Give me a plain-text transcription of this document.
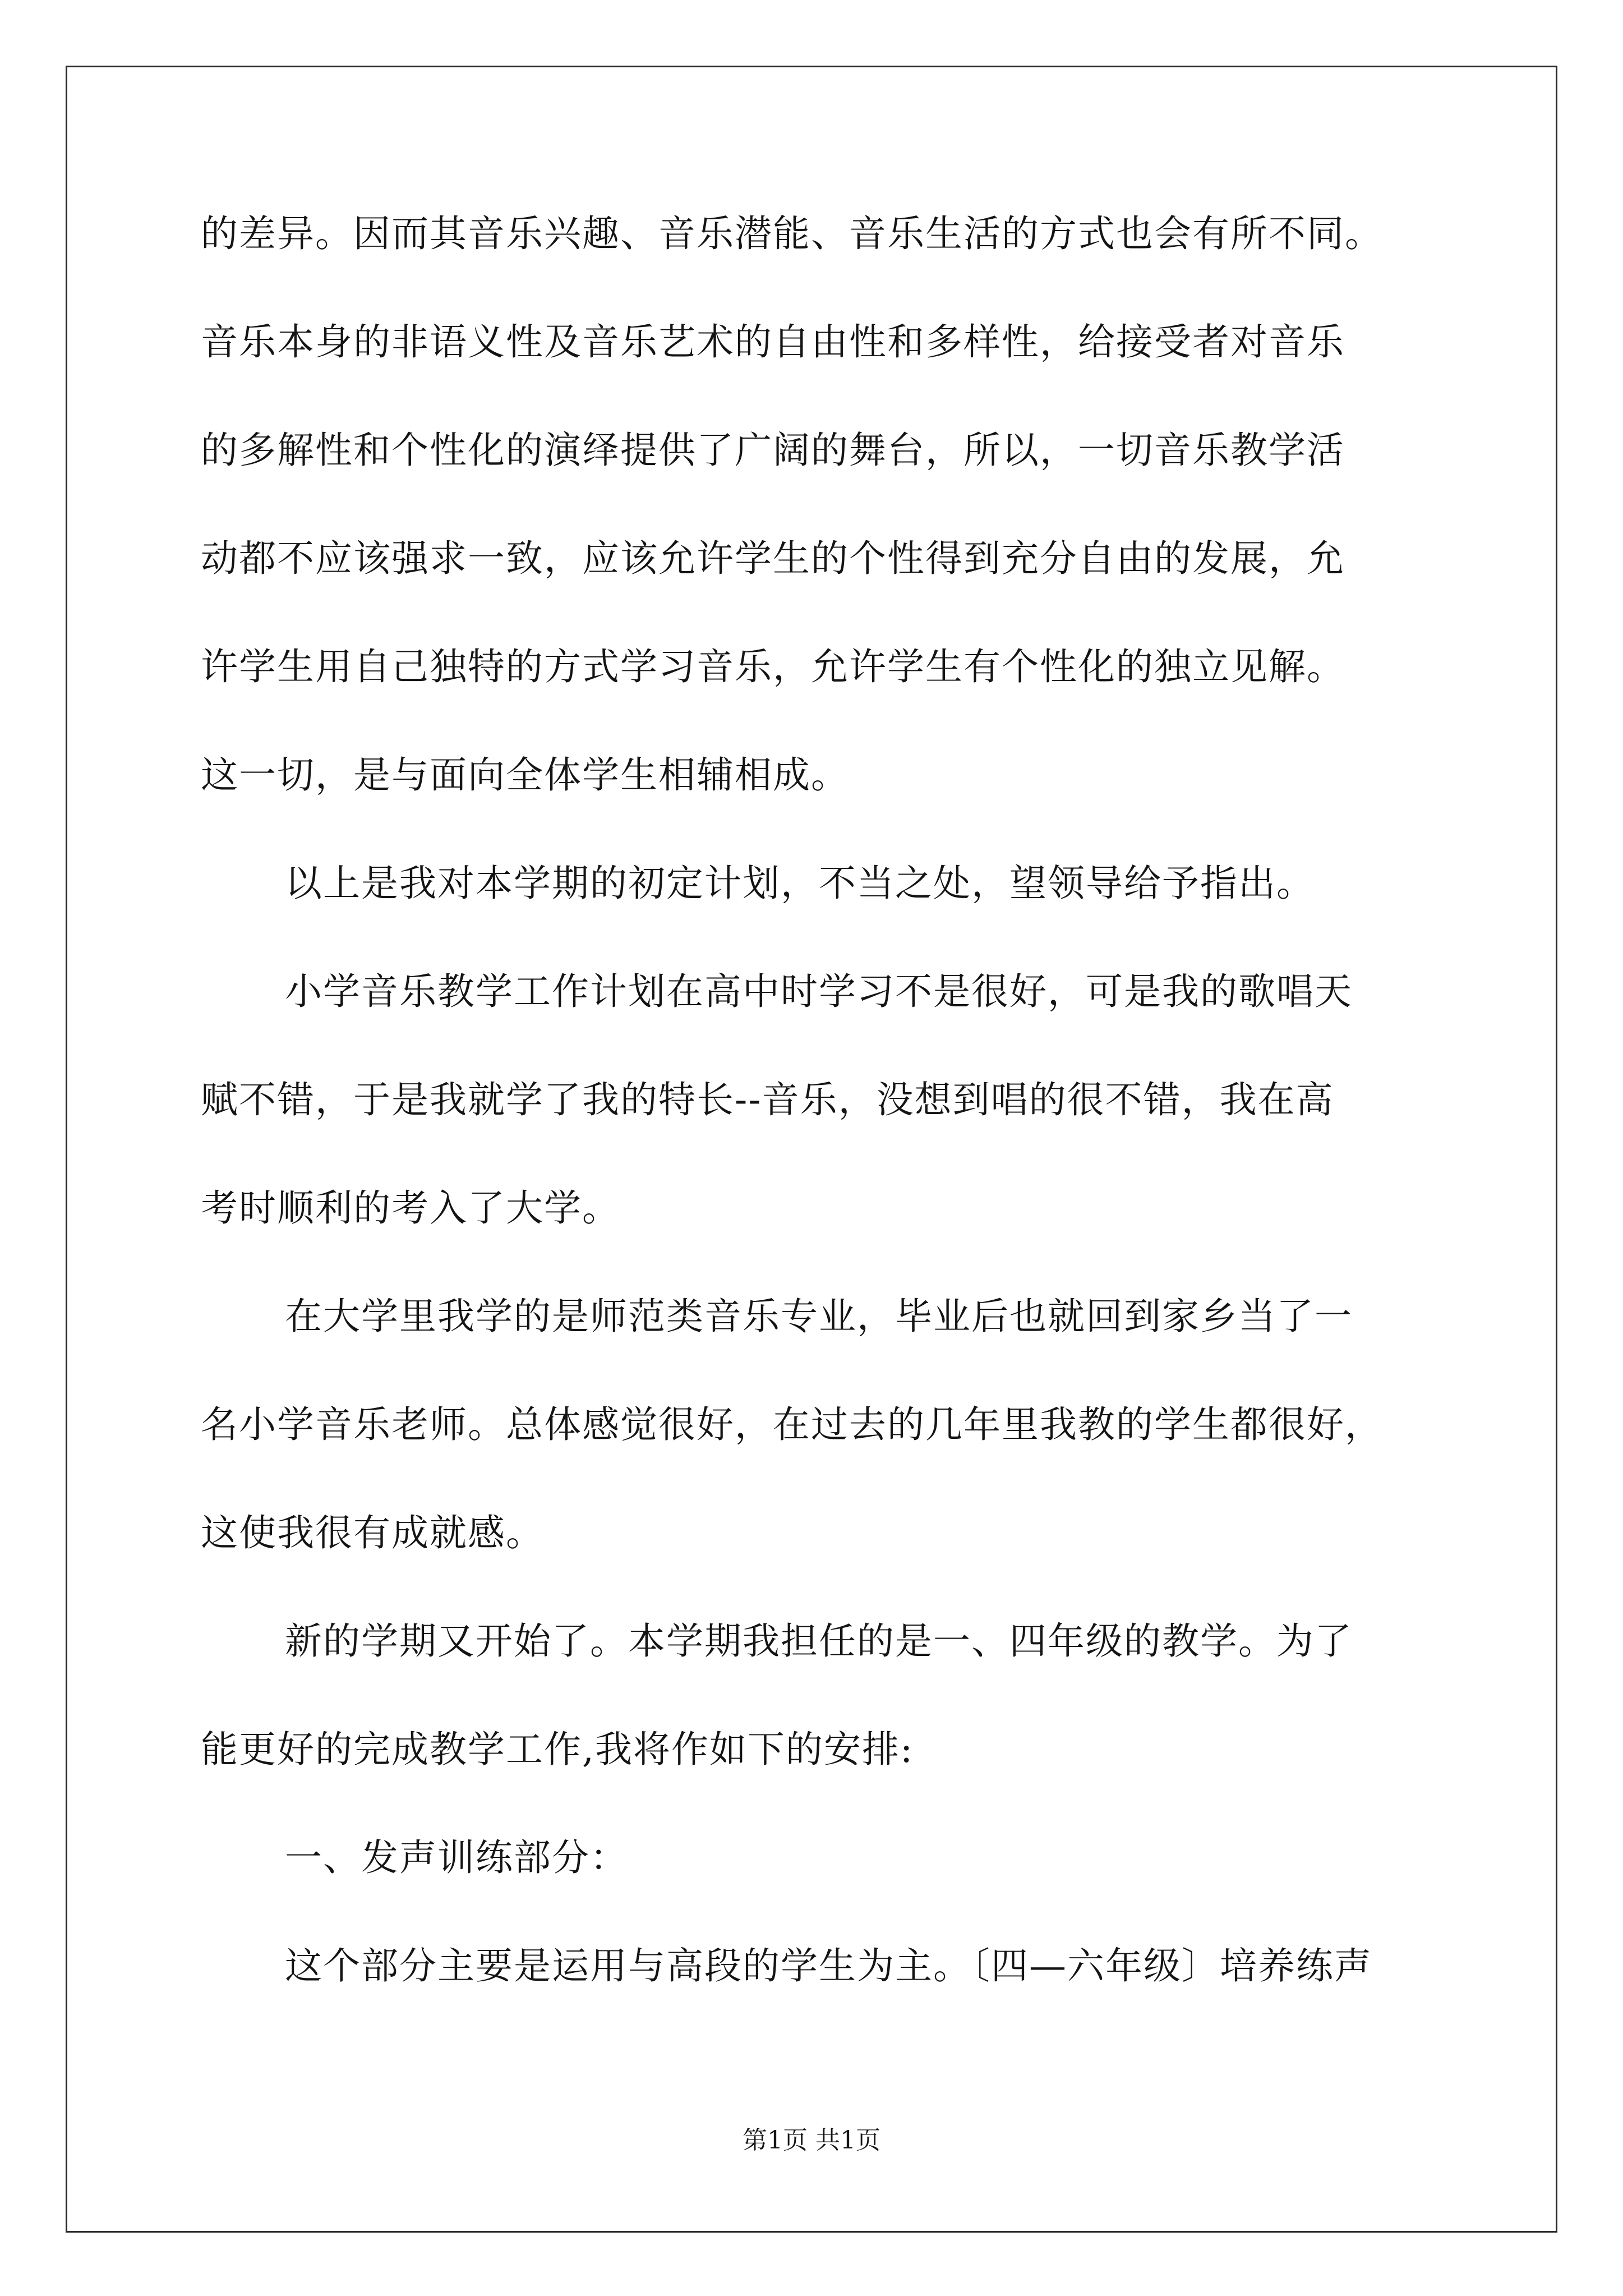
的差异。因而其音乐兴趣、音乐潜能、音乐生活的方式也会有所不同。

音乐本身的非语义性及音乐艺术的自由性和多样性，给接受者对音乐

的多解性和个性化的演绎提供了广阔的舞台，所以，一切音乐教学活

动都不应该强求一致，应该允许学生的个性得到充分自由的发展，允

许学生用自己独特的方式学习音乐，允许学生有个性化的独立见解。

这一切，是与面向全体学生相辅相成。

以上是我对本学期的初定计划，不当之处，望领导给予指出。

小学音乐教学工作计划在高中时学习不是很好，可是我的歌唱天

赋不错，于是我就学了我的特长--音乐，没想到唱的很不错，我在高

考时顺利的考入了大学。

在大学里我学的是师范类音乐专业，毕业后也就回到家乡当了一

名小学音乐老师。总体感觉很好，在过去的几年里我教的学生都很好，

这使我很有成就感。

新的学期又开始了。本学期我担任的是一、四年级的教学。为了

能更好的完成教学工作,我将作如下的安排:

一、发声训练部分：

这个部分主要是运用与高段的学生为主。〔四—六年级〕培养练声

第1页 共1页
